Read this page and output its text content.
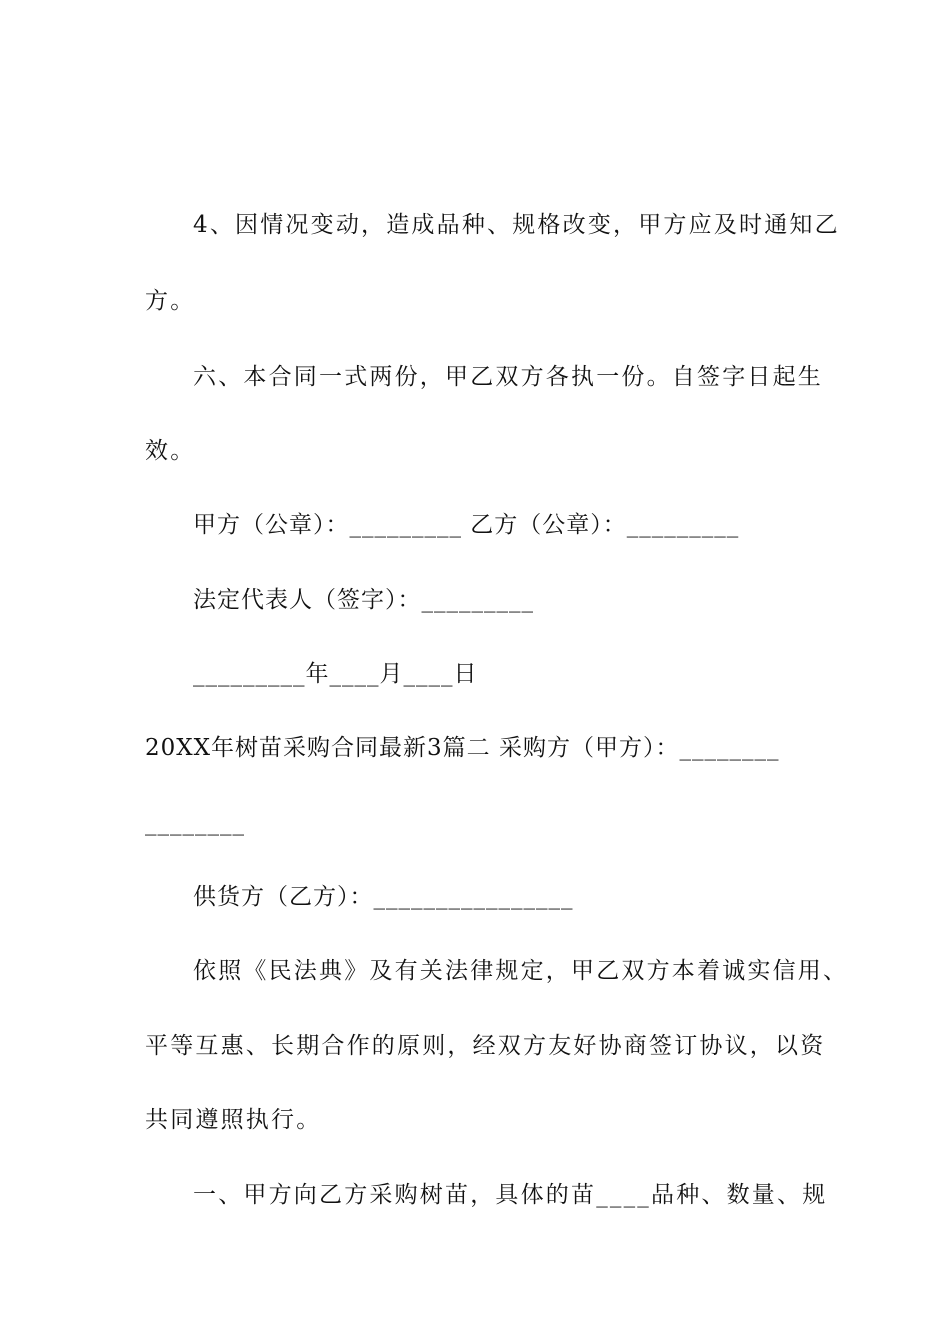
4、因情况变动，造成品种、规格改变，甲方应及时通知乙
方。
六、本合同一式两份，甲乙双方各执一份。自签字日起生
效。
甲方（公章）：_________ 乙方（公章）：_________
法定代表人（签字）：_________
_________年____月____日
20XX年树苗采购合同最新3篇二 采购方（甲方）：________
________
供货方（乙方）：________________
依照《民法典》及有关法律规定，甲乙双方本着诚实信用、
平等互惠、长期合作的原则，经双方友好协商签订协议，以资
共同遵照执行。
一、甲方向乙方采购树苗，具体的苗____品种、数量、规
